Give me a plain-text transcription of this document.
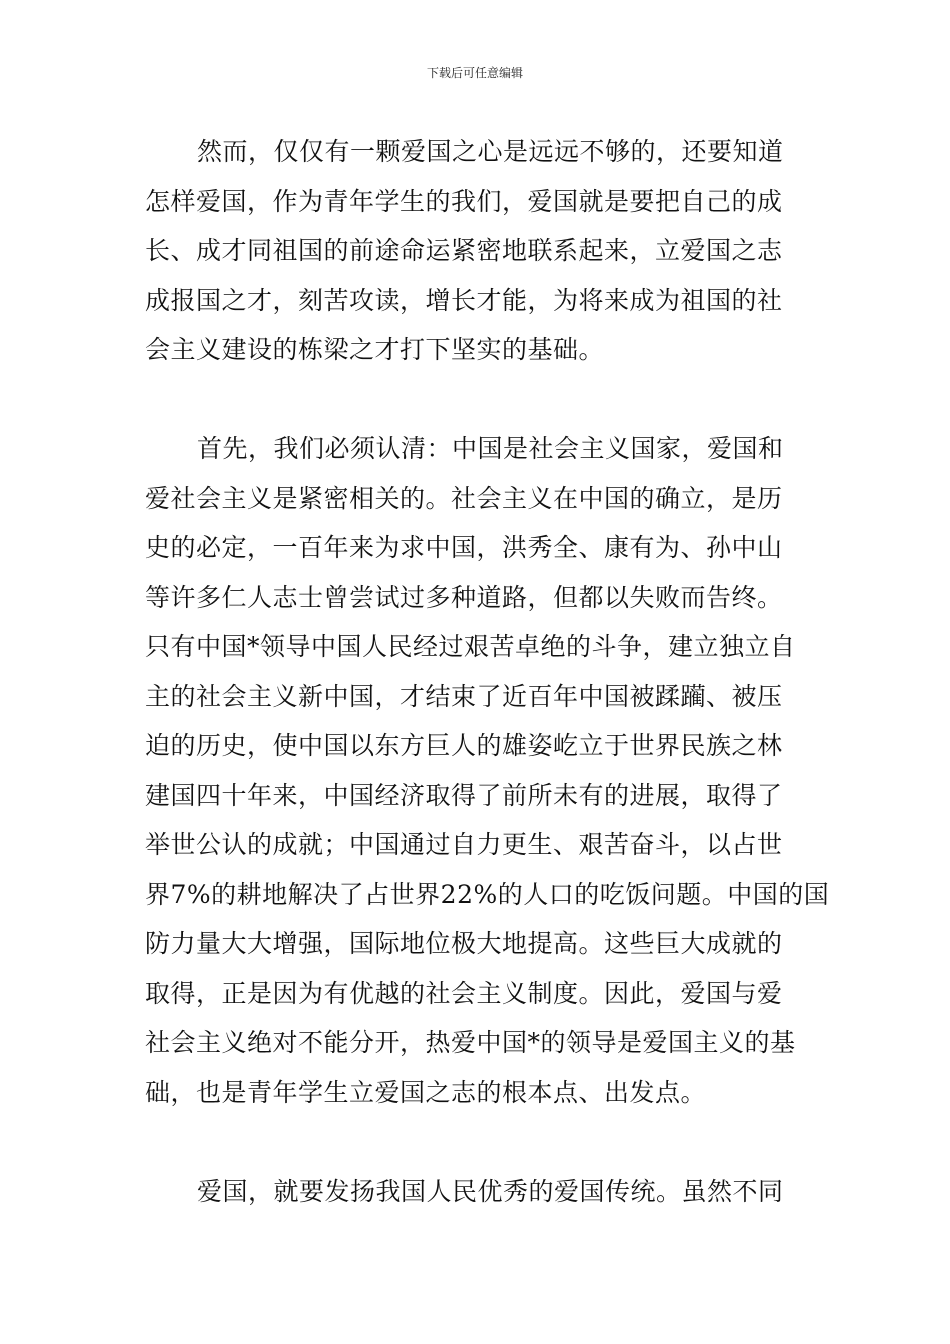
下载后可任意编辑
然而，仅仅有一颗爱国之心是远远不够的，还要知道
怎样爱国，作为青年学生的我们，爱国就是要把自己的成
长、成才同祖国的前途命运紧密地联系起来，立爱国之志
成报国之才，刻苦攻读，增长才能，为将来成为祖国的社
会主义建设的栋梁之才打下坚实的基础。
首先，我们必须认清：中国是社会主义国家，爱国和
爱社会主义是紧密相关的。社会主义在中国的确立，是历
史的必定，一百年来为求中国，洪秀全、康有为、孙中山
等许多仁人志士曾尝试过多种道路，但都以失败而告终。
只有中国*领导中国人民经过艰苦卓绝的斗争，建立独立自
主的社会主义新中国，才结束了近百年中国被蹂躏、被压
迫的历史，使中国以东方巨人的雄姿屹立于世界民族之林
建国四十年来，中国经济取得了前所未有的进展，取得了
举世公认的成就；中国通过自力更生、艰苦奋斗，以占世
界7%的耕地解决了占世界22%的人口的吃饭问题。中国的国
防力量大大增强，国际地位极大地提高。这些巨大成就的
取得，正是因为有优越的社会主义制度。因此，爱国与爱
社会主义绝对不能分开，热爱中国*的领导是爱国主义的基
础，也是青年学生立爱国之志的根本点、出发点。
爱国，就要发扬我国人民优秀的爱国传统。虽然不同
